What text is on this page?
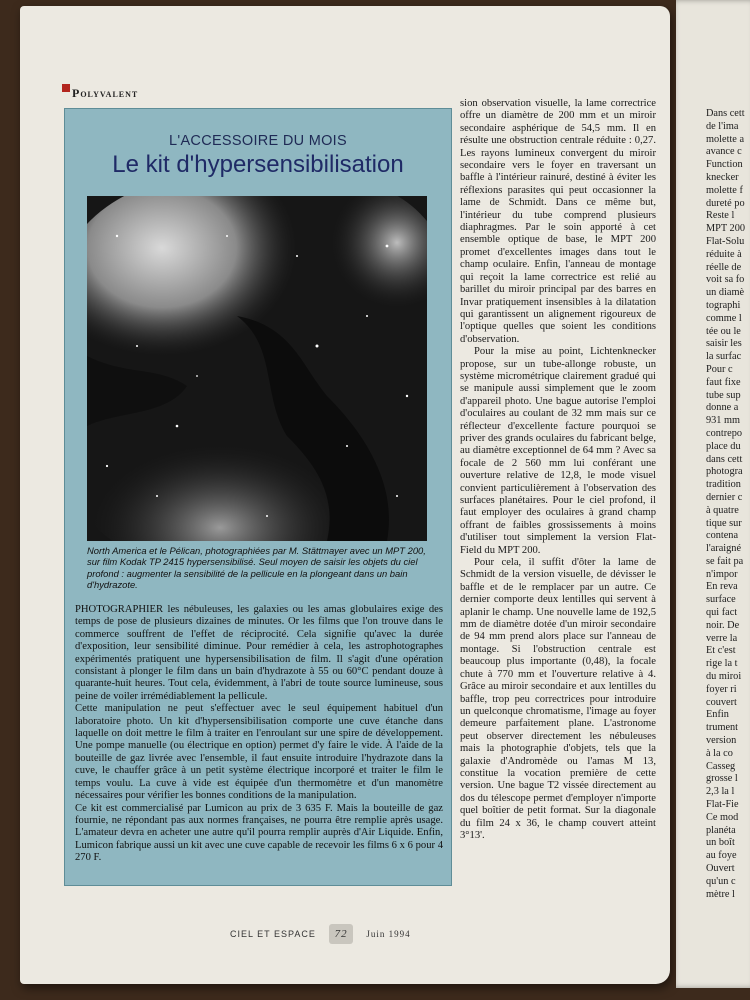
Polyvalent
L'ACCESSOIRE DU MOIS
Le kit d'hypersensibilisation

North America et le Pélican, photographiées par M. Stättmayer avec un MPT 200, sur film Kodak TP 2415 hypersensibilisé. Seul moyen de saisir les objets du ciel profond : augmenter la sensibilité de la pellicule en la plongeant dans un bain d'hydrazote.

PHOTOGRAPHIER les nébuleuses, les galaxies ou les amas globulaires exige des temps de pose de plusieurs dizaines de minutes. Or les films que l'on trouve dans le commerce souffrent de l'effet de réciprocité. Cela signifie qu'avec la durée d'exposition, leur sensibilité diminue. Pour remédier à cela, les astrophotographes expérimentés pratiquent une hypersensibilisation de film. Il s'agit d'une opération consistant à plonger le film dans un bain d'hydrazote à 55 ou 60°C pendant douze à quarante-huit heures. Tout cela, évidemment, à l'abri de toute source lumineuse, sous peine de voiler irrémédiablement la pellicule.

Cette manipulation ne peut s'effectuer avec le seul équipement habituel d'un laboratoire photo. Un kit d'hypersensibilisation comporte une cuve étanche dans laquelle on doit mettre le film à traiter en l'enroulant sur une spire de développement. Une pompe manuelle (ou électrique en option) permet d'y faire le vide. À l'aide de la bouteille de gaz livrée avec l'ensemble, il faut ensuite introduire l'hydrazote dans la cuve, le chauffer grâce à un petit système électrique incorporé et traiter le film le temps voulu. La cuve à vide est équipée d'un thermomètre et d'un manomètre nécessaires pour vérifier les bonnes conditions de la manipulation.

Ce kit est commercialisé par Lumicon au prix de 3 635 F. Mais la bouteille de gaz fournie, ne répondant pas aux normes françaises, ne pourra être remplie après usage. L'amateur devra en acheter une autre qu'il pourra remplir auprès d'Air Liquide. Enfin, Lumicon fabrique aussi un kit avec une cuve capable de recevoir les films 6 x 6 pour 4 270 F.

sion observation visuelle, la lame correctrice offre un diamètre de 200 mm et un miroir secondaire asphérique de 54,5 mm. Il en résulte une obstruction centrale réduite : 0,27. Les rayons lumineux convergent du miroir secondaire vers le foyer en traversant un baffle à l'intérieur rainuré, destiné à éviter les réflexions parasites qui peut occasionner la lame de Schmidt. Dans ce même but, l'intérieur du tube comprend plusieurs diaphragmes. Par le soin apporté à cet ensemble optique de base, le MPT 200 promet d'excellentes images dans tout le champ oculaire. Enfin, l'anneau de montage qui reçoit la lame correctrice est relié au barillet du miroir principal par des barres en Invar pratiquement insensibles à la dilatation qui garantissent un alignement rigoureux de l'optique quelles que soient les conditions d'observation.

Pour la mise au point, Lichtenknecker propose, sur un tube-allonge robuste, un système micrométrique clairement gradué qui se manipule aussi simplement que le zoom d'appareil photo. Une bague autorise l'emploi d'oculaires au coulant de 32 mm mais sur ce réflecteur d'excellente facture pourquoi se priver des grands oculaires du fabricant belge, au diamètre exceptionnel de 64 mm ? Avec sa focale de 2 560 mm lui conférant une ouverture relative de 12,8, le mode visuel convient particulièrement à l'observation des surfaces planétaires. Pour le ciel profond, il faut employer des oculaires à grand champ offrant de faibles grossissements à moins d'utiliser tout simplement la version Flat-Field du MPT 200.

Pour cela, il suffit d'ôter la lame de Schmidt de la version visuelle, de dévisser le baffle et de le remplacer par un autre. Ce dernier comporte deux lentilles qui servent à aplanir le champ. Une nouvelle lame de 192,5 mm de diamètre dotée d'un miroir secondaire de 94 mm prend alors place sur l'anneau de montage. Si l'obstruction centrale est beaucoup plus importante (0,48), la focale chute à 770 mm et l'ouverture relative à 4. Grâce au miroir secondaire et aux lentilles du baffle, trop peu correctrices pour introduire un quelconque chromatisme, l'image au foyer demeure parfaitement plane. L'astronome peut observer directement les nébuleuses mais la photographie d'objets, tels que la galaxie d'Andromède ou l'amas M 13, constitue la vocation première de cette version. Une bague T2 vissée directement au dos du télescope permet d'employer n'importe quel boîtier de petit format. Sur la diagonale du film 24 x 36, le champ couvert atteint 3°13'.

CIEL ET ESPACE 72 Juin 1994
Dans cett
de l'ima
molette a
avance c
Function
knecker
molette f
dureté po
Reste l
MPT 200
Flat-Solu
réduite à
réelle de
voit sa fo
un diamè
tographi
comme l
tée ou le
saisir les
la surfac
Pour c
faut fixe
tube sup
donne a
931 mm
contrepo
place du
dans cett
photogra
tradition
dernier c
à quatre
tique sur
contena
l'araigné
se fait pa
n'impor
En reva
surface
qui fact
noir. De
verre la
Et c'est
rige la t
du miroi
foyer ri
couvert
Enfin
trument
version
à la co
Casseg
grosse l
2,3 la l
Flat-Fie
Ce mod
planéta
un boît
au foye
Ouvert
qu'un c
mètre l
